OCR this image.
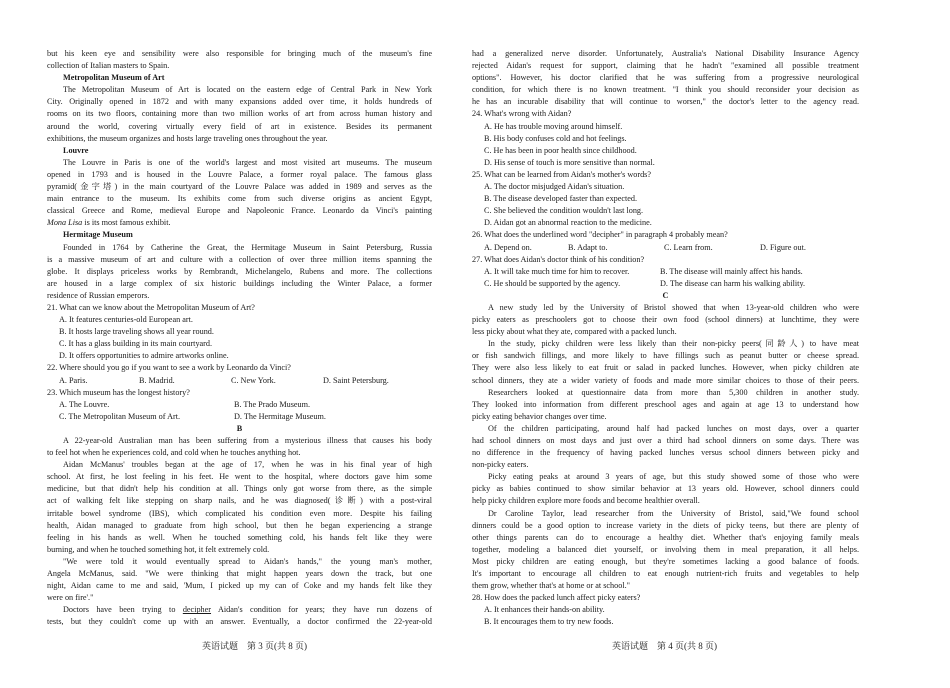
but his keen eye and sensibility were also responsible for bringing much of the museum's fine
collection of Italian masters to Spain.
Metropolitan Museum of Art
The Metropolitan Museum of Art is located on the eastern edge of Central Park in New York
City. Originally opened in 1872 and with many expansions added over time, it holds hundreds of
rooms on its two floors, containing more than two million works of art from across human history and
around the world, covering virtually every field of art in existence. Besides its permanent
exhibitions, the museum organizes and hosts large traveling ones throughout the year.
Louvre
The Louvre in Paris is one of the world's largest and most visited art museums. The museum
opened in 1793 and is housed in the Louvre Palace, a former royal palace. The famous glass
pyramid(金字塔) in the main courtyard of the Louvre Palace was added in 1989 and serves as the
main entrance to the museum. Its exhibits come from such diverse origins as ancient Egypt,
classical Greece and Rome, medieval Europe and Napoleonic France. Leonardo da Vinci's painting
Mona Lisa is its most famous exhibit.
Hermitage Museum
Founded in 1764 by Catherine the Great, the Hermitage Museum in Saint Petersburg, Russia
is a massive museum of art and culture with a collection of over three million items spanning the
globe. It displays priceless works by Rembrandt, Michelangelo, Rubens and more. The collections
are housed in a large complex of six historic buildings including the Winter Palace, a former
residence of Russian emperors.
21. What can we know about the Metropolitan Museum of Art?
A. It features centuries-old European art.
B. It hosts large traveling shows all year round.
C. It has a glass building in its main courtyard.
D. It offers opportunities to admire artworks online.
22. Where should you go if you want to see a work by Leonardo da Vinci?
A. Paris.	B. Madrid.	C. New York.	D. Saint Petersburg.
23. Which museum has the longest history?
A. The Louvre.	B. The Prado Museum.
C. The Metropolitan Museum of Art.	D. The Hermitage Museum.
B
A 22-year-old Australian man has been suffering from a mysterious illness that causes his body
to feel hot when he experiences cold, and cold when he touches anything hot.
Aidan McManus' troubles began at the age of 17, when he was in his final year of high
school. At first, he lost feeling in his feet. He went to the hospital, where doctors gave him some
medicine, but that didn't help his condition at all. Things only got worse from there, as the simple
act of walking felt like stepping on sharp nails, and he was diagnosed(诊断) with a post-viral
irritable bowel syndrome (IBS), which complicated his condition even more. Despite his failing
health, Aidan managed to graduate from high school, but then he began experiencing a strange
feeling in his hands as well. When he touched something cold, his hands felt like they were
burning, and when he touched something hot, it felt extremely cold.
"We were told it would eventually spread to Aidan's hands," the young man's mother,
Angela McManus, said. "We were thinking that might happen years down the track, but one
night, Aidan came to me and said, 'Mum, I picked up my can of Coke and my hands felt like they
were on fire'."
Doctors have been trying to decipher Aidan's condition for years; they have run dozens of
tests, but they couldn't come up with an answer. Eventually, a doctor confirmed the 22-year-old
had a generalized nerve disorder. Unfortunately, Australia's National Disability Insurance Agency
rejected Aidan's request for support, claiming that he hadn't "examined all possible treatment
options". However, his doctor clarified that he was suffering from a progressive neurological
condition, for which there is no known treatment. "I think you should reconsider your decision as
he has an incurable disability that will continue to worsen," the doctor's letter to the agency read.
24. What's wrong with Aidan?
A. He has trouble moving around himself.
B. His body confuses cold and hot feelings.
C. He has been in poor health since childhood.
D. His sense of touch is more sensitive than normal.
25. What can be learned from Aidan's mother's words?
A. The doctor misjudged Aidan's situation.
B. The disease developed faster than expected.
C. She believed the condition wouldn't last long.
D. Aidan got an abnormal reaction to the medicine.
26. What does the underlined word "decipher" in paragraph 4 probably mean?
A. Depend on.	B. Adapt to.	C. Learn from.	D. Figure out.
27. What does Aidan's doctor think of his condition?
A. It will take much time for him to recover.	B. The disease will mainly affect his hands.
C. He should be supported by the agency.	D. The disease can harm his walking ability.
C
A new study led by the University of Bristol showed that when 13-year-old children who were
picky eaters as preschoolers got to choose their own food (school dinners) at lunchtime, they were
less picky about what they ate, compared with a packed lunch.
In the study, picky children were less likely than their non-picky peers(同龄人) to have meat
or fish sandwich fillings, and more likely to have fillings such as peanut butter or cheese spread.
They were also less likely to eat fruit or salad in packed lunches. However, when picky children ate
school dinners, they ate a wider variety of foods and made more similar choices to those of their peers.
Researchers looked at questionnaire data from more than 5,300 children in another study.
They looked into information from different preschool ages and again at age 13 to understand how
picky eating behavior changes over time.
Of the children participating, around half had packed lunches on most days, over a quarter
had school dinners on most days and just over a third had school dinners on some days. There was
no difference in the frequency of having packed lunches versus school dinners between picky and
non-picky eaters.
Picky eating peaks at around 3 years of age, but this study showed some of those who were
picky as babies continued to show similar behavior at 13 years old. However, school dinners could
help picky children explore more foods and become healthier overall.
Dr Caroline Taylor, lead researcher from the University of Bristol, said,"We found school
dinners could be a good option to increase variety in the diets of picky teens, but there are plenty of
other things parents can do to encourage a healthy diet. Whether that's enjoying family meals
together, modeling a balanced diet yourself, or involving them in meal preparation, it all helps.
Most picky children are eating enough, but they're sometimes lacking a good balance of foods.
It's important to encourage all children to eat enough nutrient-rich fruits and vegetables to help
them grow, whether that's at home or at school."
28. How does the packed lunch affect picky eaters?
A. It enhances their hands-on ability.
B. It encourages them to try new foods.
英语试题　第 3 页(共 8 页)	英语试题　第 4 页(共 8 页)
